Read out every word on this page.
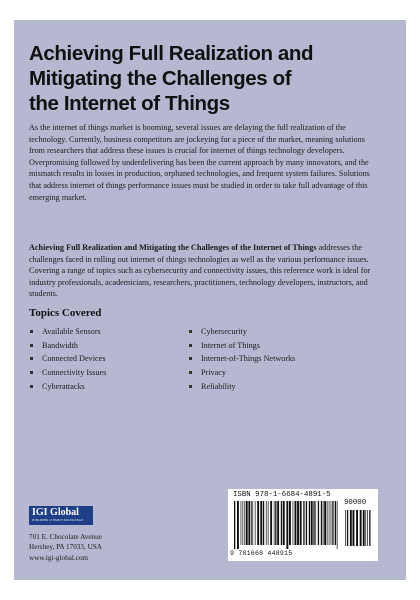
Achieving Full Realization and
Mitigating the Challenges of
the Internet of Things

As the internet of things market is booming, several issues are delaying the full realization of the technology. Currently, business competitors are jockeying for a piece of the market, meaning solutions from researchers that address these issues is crucial for internet of things technology developers. Overpromising followed by underdelivering has been the current approach by many innovators, and the mismatch results in losses in production, orphaned technologies, and frequent system failures. Solutions that address internet of things performance issues must be studied in order to take full advantage of this emerging market.

Achieving Full Realization and Mitigating the Challenges of the Internet of Things addresses the challenges faced in rolling out internet of things technologies as well as the various performance issues. Covering a range of topics such as cybersecurity and connectivity issues, this reference work is ideal for industry professionals, academicians, researchers, practitioners, technology developers, instructors, and students.

Topics Covered
Available Sensors
Bandwidth
Connected Devices
Connectivity Issues
Cyberattacks
Cybersecurity
Internet of Things
Internet-of-Things Networks
Privacy
Reliability
IGI Global
PUBLISHER of TIMELY KNOWLEDGE
701 E. Chocolate Avenue
Hershey, PA 17033, USA
www.igi-global.com
ISBN 978-1-6684-4891-5
90000
9 781668 448915
